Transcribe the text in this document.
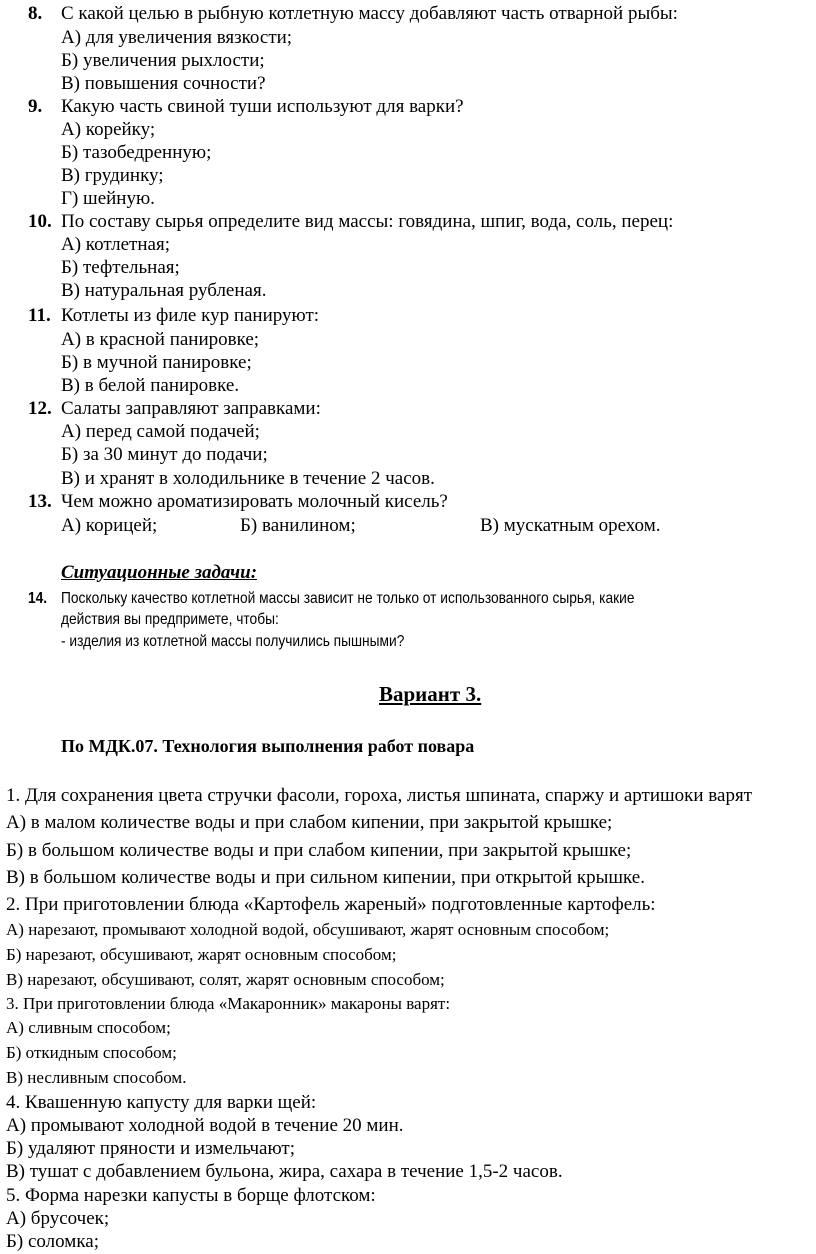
8. С какой целью в рыбную котлетную массу добавляют часть отварной рыбы:
А) для увеличения вязкости;
Б) увеличения рыхлости;
В) повышения сочности?
9. Какую часть свиной туши используют для варки?
А) корейку;
Б) тазобедренную;
В) грудинку;
Г) шейную.
10. По составу сырья определите вид массы: говядина, шпиг, вода, соль, перец:
А) котлетная;
Б) тефтельная;
В) натуральная рубленая.
11. Котлеты из филе кур панируют:
А) в красной панировке;
Б) в мучной панировке;
В) в белой панировке.
12. Салаты заправляют заправками:
А) перед самой подачей;
Б) за 30 минут до подачи;
В) и хранят в холодильнике в течение 2 часов.
13. Чем можно ароматизировать молочный кисель?
А) корицей;	Б) ванилином;	В) мускатным орехом.
Ситуационные задачи:
14. Поскольку качество котлетной массы зависит не только от использованного сырья, какие
действия вы предпримете, чтобы:
- изделия из котлетной массы получились пышными?
Вариант 3.
По МДК.07. Технология выполнения работ повара
1. Для сохранения цвета стручки фасоли, гороха, листья шпината, спаржу и артишоки варят
А) в малом количестве воды и при слабом кипении, при закрытой крышке;
Б) в большом количестве воды и при слабом кипении, при закрытой крышке;
В) в большом количестве воды и при сильном кипении, при открытой крышке.
2. При приготовлении блюда «Картофель жареный» подготовленные картофель:
А) нарезают, промывают холодной водой, обсушивают, жарят основным способом;
Б) нарезают, обсушивают, жарят основным способом;
В) нарезают, обсушивают, солят, жарят основным способом;
3. При приготовлении блюда «Макаронник» макароны варят:
А) сливным способом;
Б) откидным способом;
В) несливным способом.
4. Квашенную капусту для варки щей:
А) промывают холодной водой в течение 20 мин.
Б) удаляют пряности и измельчают;
В) тушат с добавлением бульона, жира, сахара в течение 1,5-2 часов.
5. Форма нарезки капусты в борще флотском:
А) брусочек;
Б) соломка;
